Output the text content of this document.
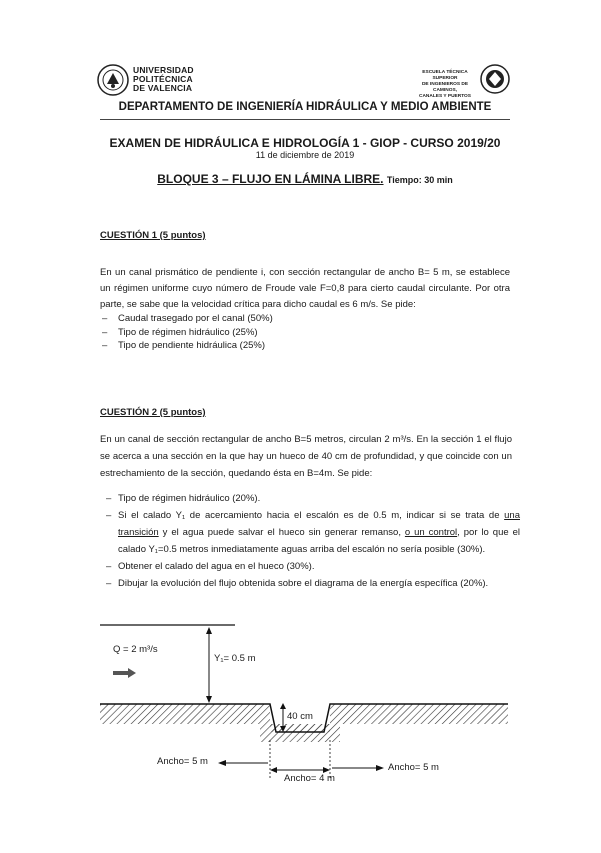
UNIVERSIDAD
POLITÉCNICA
DE VALENCIA
ESCUELA TÉCNICA SUPERIOR
DE INGENIEROS DE CAMINOS,
CANALES Y PUERTOS
DEPARTAMENTO DE INGENIERÍA HIDRÁULICA Y MEDIO AMBIENTE
EXAMEN DE HIDRÁULICA E HIDROLOGÍA 1 - GIOP - CURSO 2019/20
11 de diciembre de 2019
BLOQUE 3 – FLUJO EN LÁMINA LIBRE. Tiempo: 30 min
CUESTIÓN 1 (5 puntos)
En un canal prismático de pendiente i, con sección rectangular de ancho B= 5 m, se establece un régimen uniforme cuyo número de Froude vale F=0,8 para cierto caudal circulante. Por otra parte, se sabe que la velocidad crítica para dicho caudal es 6 m/s. Se pide:
– Caudal trasegado por el canal (50%)
– Tipo de régimen hidráulico (25%)
– Tipo de pendiente hidráulica (25%)
CUESTIÓN 2 (5 puntos)
En un canal de sección rectangular de ancho B=5 metros, circulan 2 m³/s. En la sección 1 el flujo se acerca a una sección en la que hay un hueco de 40 cm de profundidad, y que coincide con un estrechamiento de la sección, quedando ésta en B=4m. Se pide:
– Tipo de régimen hidráulico (20%).
– Si el calado Y₁ de acercamiento hacia el escalón es de 0.5 m, indicar si se trata de una transición y el agua puede salvar el hueco sin generar remanso, o un control, por lo que el calado Y₁=0.5 metros inmediatamente aguas arriba del escalón no sería posible (30%).
– Obtener el calado del agua en el hueco (30%).
– Dibujar la evolución del flujo obtenida sobre el diagrama de la energía específica (20%).
Q = 2 m³/s
Y₁= 0.5 m
40 cm
Ancho= 5 m
Ancho= 4 m
Ancho= 5 m
